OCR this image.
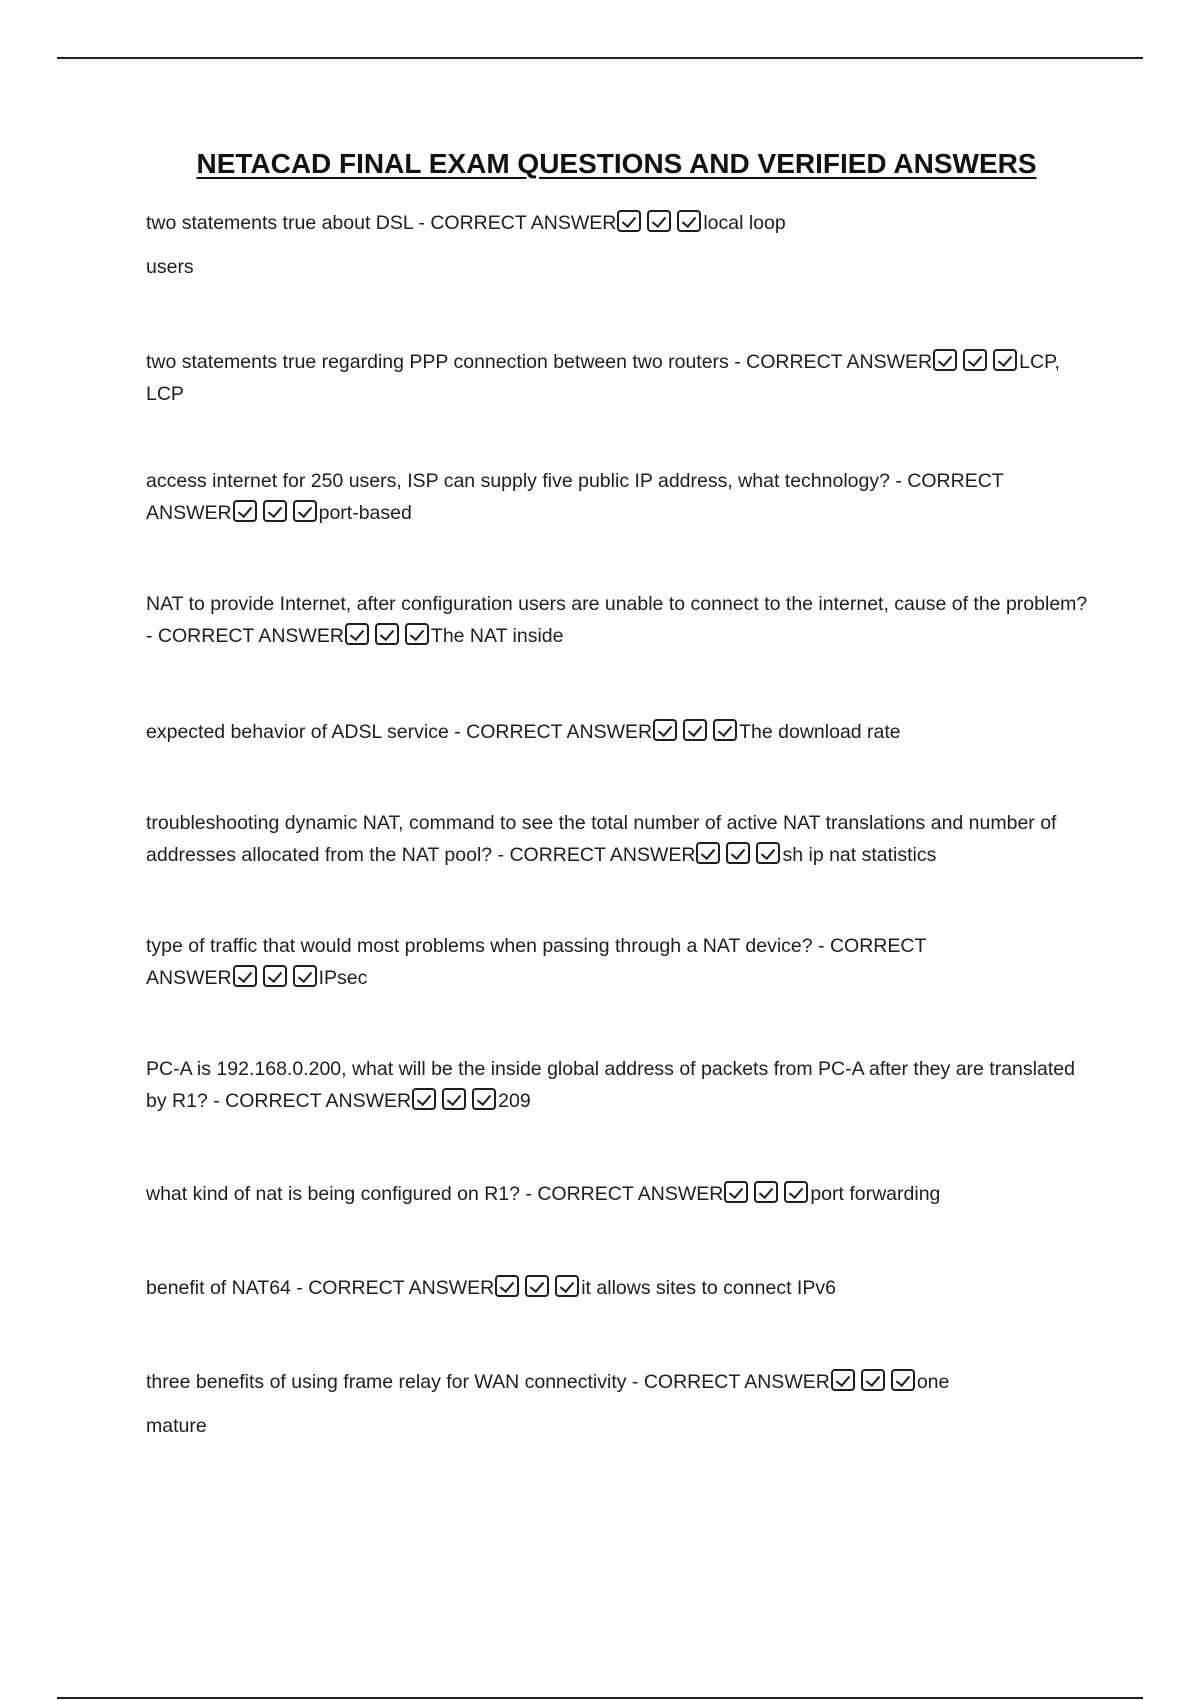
NETACAD FINAL EXAM QUESTIONS AND VERIFIED ANSWERS
two statements true about DSL - CORRECT ANSWER	local loop
users
two statements true regarding PPP connection between two routers - CORRECT ANSWER	LCP, LCP
access internet for 250 users, ISP can supply five public IP address, what technology? - CORRECT ANSWER	port-based
NAT to provide Internet, after configuration users are unable to connect to the internet, cause of the problem? - CORRECT ANSWER	The NAT inside
expected behavior of ADSL service - CORRECT ANSWER	The download rate
troubleshooting dynamic NAT, command to see the total number of active NAT translations and number of addresses allocated from the NAT pool? - CORRECT ANSWER	sh ip nat statistics
type of traffic that would most problems when passing through a NAT device? - CORRECT ANSWER	IPsec
PC-A is 192.168.0.200, what will be the inside global address of packets from PC-A after they are translated by R1? - CORRECT ANSWER	209
what kind of nat is being configured on R1? - CORRECT ANSWER	port forwarding
benefit of NAT64 - CORRECT ANSWER	it allows sites to connect IPv6
three benefits of using frame relay for WAN connectivity - CORRECT ANSWER	one
mature
